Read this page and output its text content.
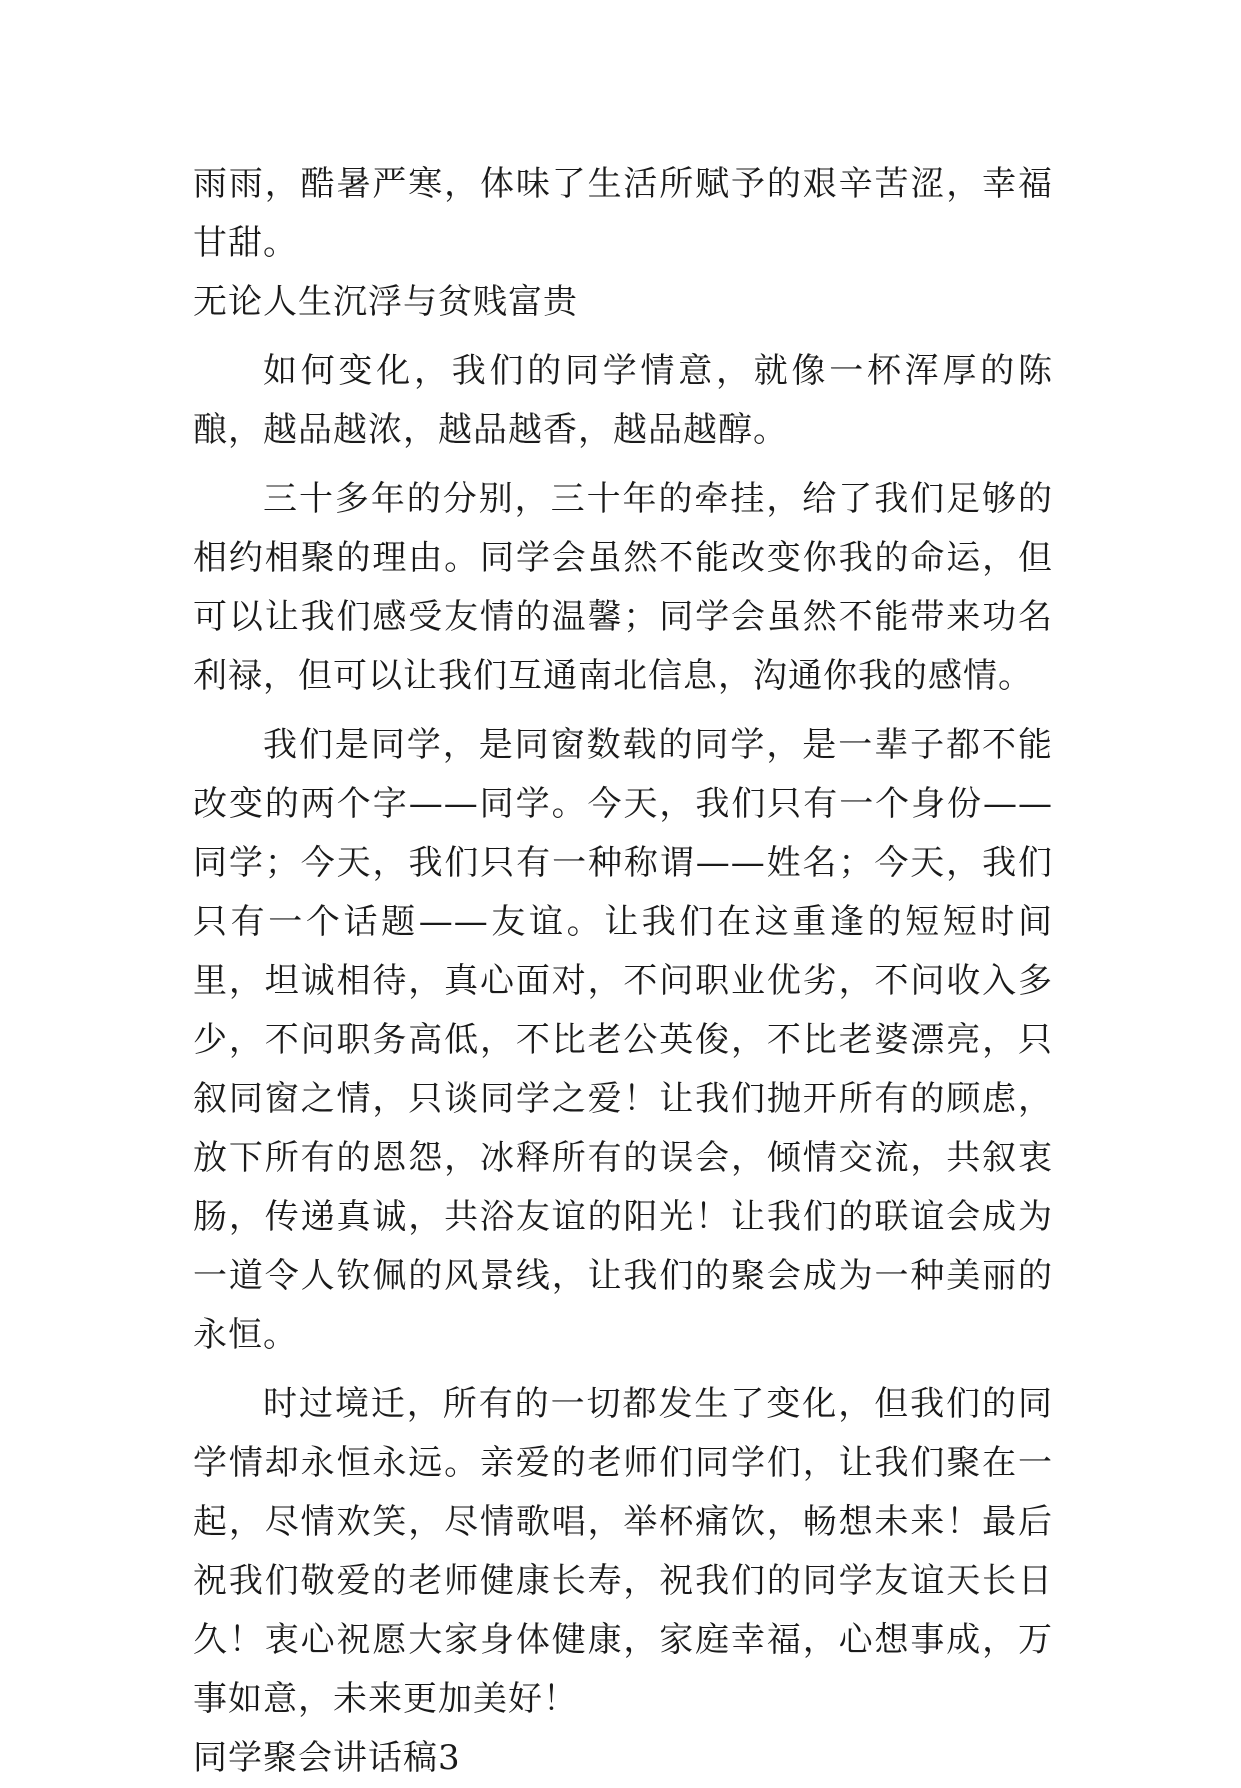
雨雨，酷暑严寒，体味了生活所赋予的艰辛苦涩，幸福甘甜。

无论人生沉浮与贫贱富贵

如何变化，我们的同学情意，就像一杯浑厚的陈酿，越品越浓，越品越香，越品越醇。

三十多年的分别，三十年的牵挂，给了我们足够的相约相聚的理由。同学会虽然不能改变你我的命运，但可以让我们感受友情的温馨；同学会虽然不能带来功名利禄，但可以让我们互通南北信息，沟通你我的感情。

我们是同学，是同窗数载的同学，是一辈子都不能改变的两个字——同学。今天，我们只有一个身份——同学；今天，我们只有一种称谓——姓名；今天，我们只有一个话题——友谊。让我们在这重逢的短短时间里，坦诚相待，真心面对，不问职业优劣，不问收入多少，不问职务高低，不比老公英俊，不比老婆漂亮，只叙同窗之情，只谈同学之爱！让我们抛开所有的顾虑，放下所有的恩怨，冰释所有的误会，倾情交流，共叙衷肠，传递真诚，共浴友谊的阳光！让我们的联谊会成为一道令人钦佩的风景线，让我们的聚会成为一种美丽的永恒。

时过境迁，所有的一切都发生了变化，但我们的同学情却永恒永远。亲爱的老师们同学们，让我们聚在一起，尽情欢笑，尽情歌唱，举杯痛饮，畅想未来！最后祝我们敬爱的老师健康长寿，祝我们的同学友谊天长日久！衷心祝愿大家身体健康，家庭幸福，心想事成，万事如意，未来更加美好！

同学聚会讲话稿3
